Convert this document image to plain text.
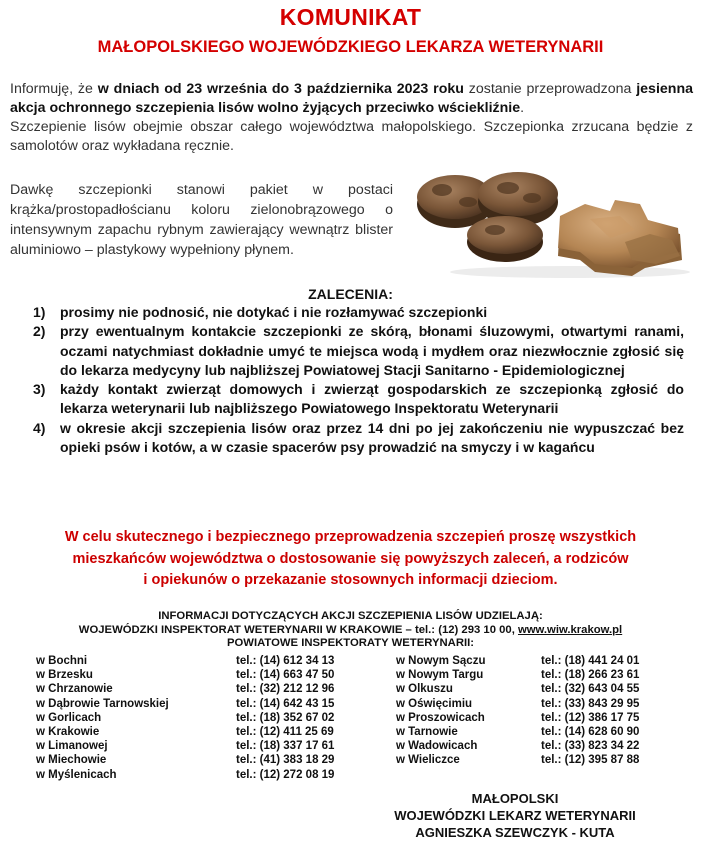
KOMUNIKAT
MAŁOPOLSKIEGO WOJEWÓDZKIEGO LEKARZA WETERYNARII
Informuję, że w dniach od 23 września do 3 października 2023 roku zostanie przeprowadzona jesienna akcja ochronnego szczepienia lisów wolno żyjących przeciwko wściekliźnie.
Szczepienie lisów obejmie obszar całego województwa małopolskiego. Szczepionka zrzucana będzie z samolotów oraz wykładana ręcznie.
Dawkę szczepionki stanowi pakiet w postaci krążka/prostopadłościanu koloru zielonobrązowego o intensywnym zapachu rybnym zawierający wewnątrz blister aluminiowo – plastykowy wypełniony płynem.
ZALECENIA:
1) prosimy nie podnosić, nie dotykać i nie rozłamywać szczepionki
2) przy ewentualnym kontakcie szczepionki ze skórą, błonami śluzowymi, otwartymi ranami, oczami natychmiast dokładnie umyć te miejsca wodą i mydłem oraz niezwłocznie zgłosić się do lekarza medycyny lub najbliższej Powiatowej Stacji Sanitarno - Epidemiologicznej
3) każdy kontakt zwierząt domowych i zwierząt gospodarskich ze szczepionką zgłosić do lekarza weterynarii lub najbliższego Powiatowego Inspektoratu Weterynarii
4) w okresie akcji szczepienia lisów oraz przez 14 dni po jej zakończeniu nie wypuszczać bez opieki psów i kotów, a w czasie spacerów psy prowadzić na smyczy i w kagańcu
W celu skutecznego i bezpiecznego przeprowadzenia szczepień proszę wszystkich
mieszkańców województwa o dostosowanie się powyższych zaleceń, a rodziców
i opiekunów o przekazanie stosownych informacji dzieciom.
INFORMACJI DOTYCZĄCYCH AKCJI SZCZEPIENIA LISÓW UDZIELAJĄ:
WOJEWÓDZKI INSPEKTORAT WETERYNARII W KRAKOWIE – tel.: (12) 293 10 00, www.wiw.krakow.pl
POWIATOWE INSPEKTORATY WETERYNARII:
w Bochni	tel.: (14) 612 34 13
w Brzesku	tel.: (14) 663 47 50
w Chrzanowie	tel.: (32) 212 12 96
w Dąbrowie Tarnowskiej	tel.: (14) 642 43 15
w Gorlicach	tel.: (18) 352 67 02
w Krakowie	tel.: (12) 411 25 69
w Limanowej	tel.: (18) 337 17 61
w Miechowie	tel.: (41) 383 18 29
w Myślenicach	tel.: (12) 272 08 19
w Nowym Sączu	tel.: (18) 441 24 01
w Nowym Targu	tel.: (18) 266 23 61
w Olkuszu	tel.: (32) 643 04 55
w Oświęcimiu	tel.: (33) 843 29 95
w Proszowicach	tel.: (12) 386 17 75
w Tarnowie	tel.: (14) 628 60 90
w Wadowicach	tel.: (33) 823 34 22
w Wieliczce	tel.: (12) 395 87 88
MAŁOPOLSKI
WOJEWÓDZKI LEKARZ WETERYNARII
AGNIESZKA SZEWCZYK - KUTA
